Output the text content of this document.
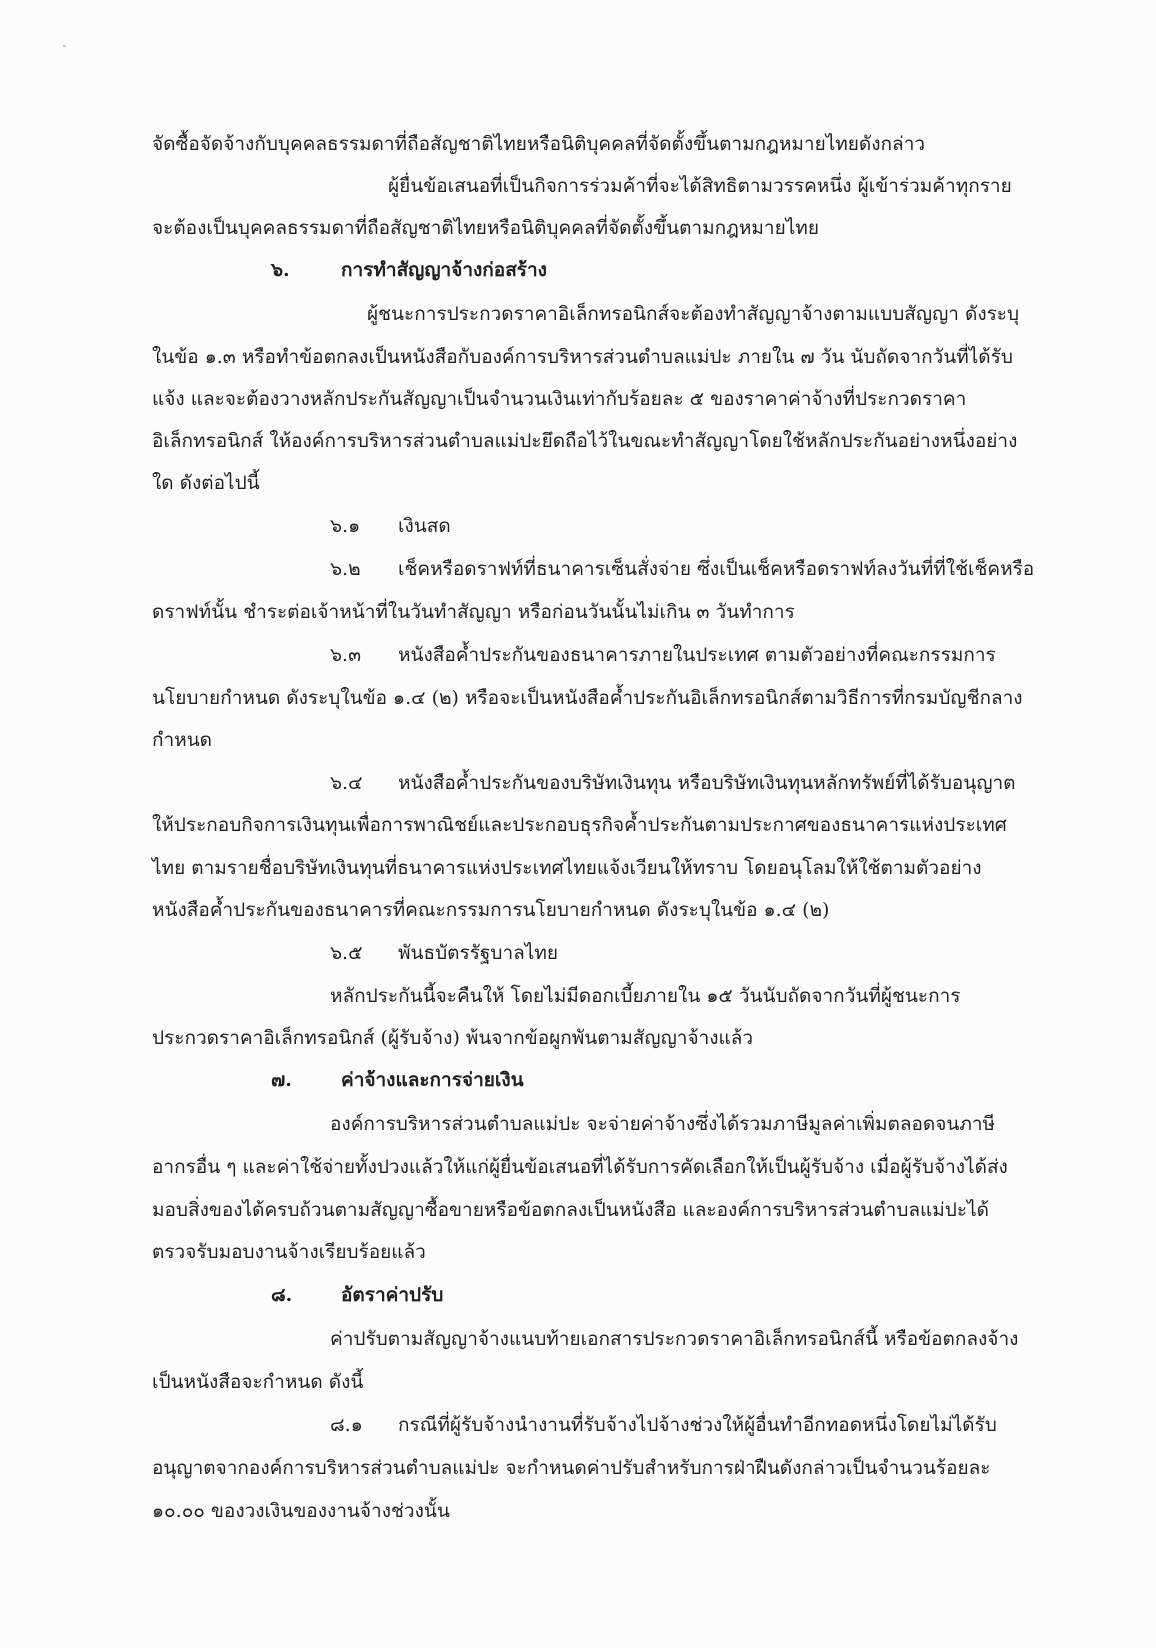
จัดซื้อจัดจ้างกับบุคคลธรรมดาที่ถือสัญชาติไทยหรือนิติบุคคลที่จัดตั้งขึ้นตามกฎหมายไทยดังกล่าว
ผู้ยื่นข้อเสนอที่เป็นกิจการร่วมค้าที่จะได้สิทธิตามวรรคหนึ่ง ผู้เข้าร่วมค้าทุกราย
จะต้องเป็นบุคคลธรรมดาที่ถือสัญชาติไทยหรือนิติบุคคลที่จัดตั้งขึ้นตามกฎหมายไทย
๖.	การทำสัญญาจ้างก่อสร้าง
ผู้ชนะการประกวดราคาอิเล็กทรอนิกส์จะต้องทำสัญญาจ้างตามแบบสัญญา ดังระบุ
ในข้อ ๑.๓ หรือทำข้อตกลงเป็นหนังสือกับองค์การบริหารส่วนตำบลแม่ปะ ภายใน ๗ วัน นับถัดจากวันที่ได้รับ
แจ้ง และจะต้องวางหลักประกันสัญญาเป็นจำนวนเงินเท่ากับร้อยละ ๕ ของราคาค่าจ้างที่ประกวดราคา
อิเล็กทรอนิกส์ ให้องค์การบริหารส่วนตำบลแม่ปะยึดถือไว้ในขณะทำสัญญาโดยใช้หลักประกันอย่างหนึ่งอย่าง
ใด ดังต่อไปนี้
๖.๑ เงินสด
๖.๒ เช็คหรือดราฟท์ที่ธนาคารเซ็นสั่งจ่าย ซึ่งเป็นเช็คหรือดราฟท์ลงวันที่ที่ใช้เช็คหรือ
ดราฟท์นั้น ชำระต่อเจ้าหน้าที่ในวันทำสัญญา หรือก่อนวันนั้นไม่เกิน ๓ วันทำการ
๖.๓ หนังสือค้ำประกันของธนาคารภายในประเทศ ตามตัวอย่างที่คณะกรรมการ
นโยบายกำหนด ดังระบุในข้อ ๑.๔ (๒) หรือจะเป็นหนังสือค้ำประกันอิเล็กทรอนิกส์ตามวิธีการที่กรมบัญชีกลาง
กำหนด
๖.๔ หนังสือค้ำประกันของบริษัทเงินทุน หรือบริษัทเงินทุนหลักทรัพย์ที่ได้รับอนุญาต
ให้ประกอบกิจการเงินทุนเพื่อการพาณิชย์และประกอบธุรกิจค้ำประกันตามประกาศของธนาคารแห่งประเทศ
ไทย ตามรายชื่อบริษัทเงินทุนที่ธนาคารแห่งประเทศไทยแจ้งเวียนให้ทราบ โดยอนุโลมให้ใช้ตามตัวอย่าง
หนังสือค้ำประกันของธนาคารที่คณะกรรมการนโยบายกำหนด ดังระบุในข้อ ๑.๔ (๒)
๖.๕ พันธบัตรรัฐบาลไทย
หลักประกันนี้จะคืนให้ โดยไม่มีดอกเบี้ยภายใน ๑๕ วันนับถัดจากวันที่ผู้ชนะการ
ประกวดราคาอิเล็กทรอนิกส์ (ผู้รับจ้าง) พ้นจากข้อผูกพันตามสัญญาจ้างแล้ว
๗.	ค่าจ้างและการจ่ายเงิน
องค์การบริหารส่วนตำบลแม่ปะ จะจ่ายค่าจ้างซึ่งได้รวมภาษีมูลค่าเพิ่มตลอดจนภาษี
อากรอื่น ๆ และค่าใช้จ่ายทั้งปวงแล้วให้แก่ผู้ยื่นข้อเสนอที่ได้รับการคัดเลือกให้เป็นผู้รับจ้าง เมื่อผู้รับจ้างได้ส่ง
มอบสิ่งของได้ครบถ้วนตามสัญญาซื้อขายหรือข้อตกลงเป็นหนังสือ และองค์การบริหารส่วนตำบลแม่ปะได้
ตรวจรับมอบงานจ้างเรียบร้อยแล้ว
๘.	อัตราค่าปรับ
ค่าปรับตามสัญญาจ้างแนบท้ายเอกสารประกวดราคาอิเล็กทรอนิกส์นี้ หรือข้อตกลงจ้าง
เป็นหนังสือจะกำหนด ดังนี้
๘.๑ กรณีที่ผู้รับจ้างนำงานที่รับจ้างไปจ้างช่วงให้ผู้อื่นทำอีกทอดหนึ่งโดยไม่ได้รับ
อนุญาตจากองค์การบริหารส่วนตำบลแม่ปะ จะกำหนดค่าปรับสำหรับการฝ่าฝืนดังกล่าวเป็นจำนวนร้อยละ
๑๐.๐๐ ของวงเงินของงานจ้างช่วงนั้น
